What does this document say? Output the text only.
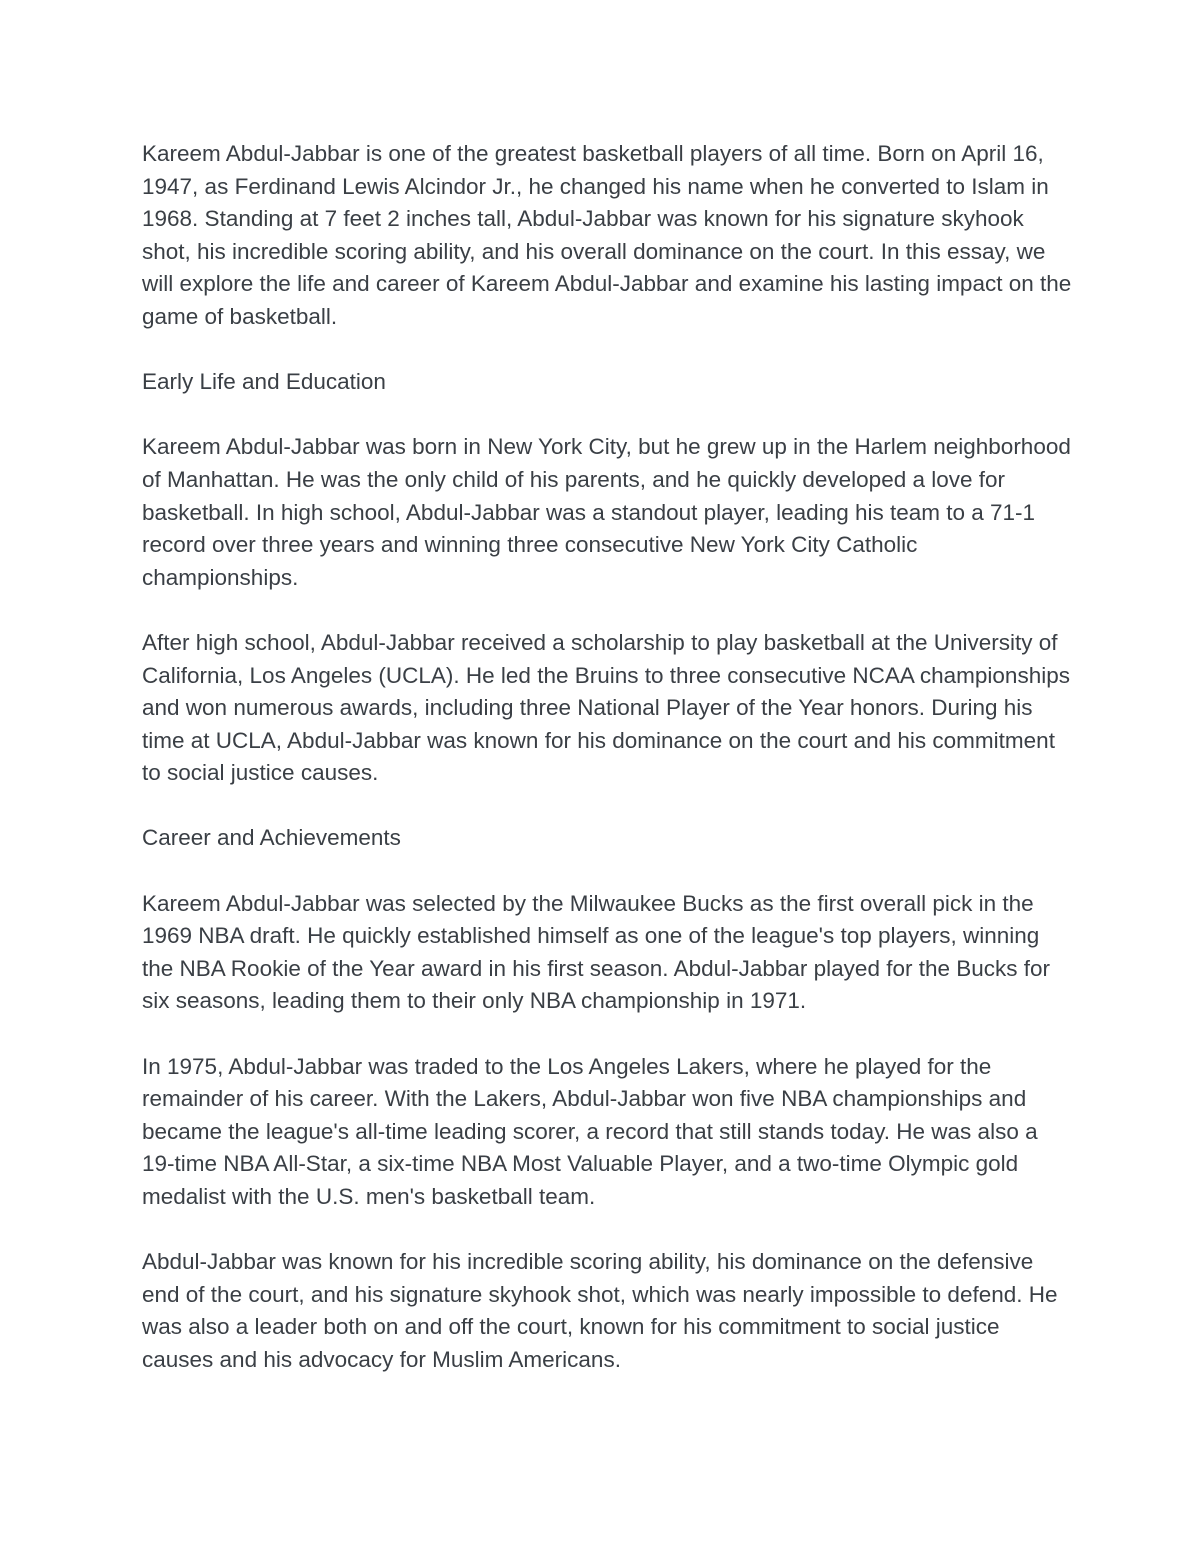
Kareem Abdul-Jabbar is one of the greatest basketball players of all time. Born on April 16, 1947, as Ferdinand Lewis Alcindor Jr., he changed his name when he converted to Islam in 1968. Standing at 7 feet 2 inches tall, Abdul-Jabbar was known for his signature skyhook shot, his incredible scoring ability, and his overall dominance on the court. In this essay, we will explore the life and career of Kareem Abdul-Jabbar and examine his lasting impact on the game of basketball.

Early Life and Education

Kareem Abdul-Jabbar was born in New York City, but he grew up in the Harlem neighborhood of Manhattan. He was the only child of his parents, and he quickly developed a love for basketball. In high school, Abdul-Jabbar was a standout player, leading his team to a 71-1 record over three years and winning three consecutive New York City Catholic championships.

After high school, Abdul-Jabbar received a scholarship to play basketball at the University of California, Los Angeles (UCLA). He led the Bruins to three consecutive NCAA championships and won numerous awards, including three National Player of the Year honors. During his time at UCLA, Abdul-Jabbar was known for his dominance on the court and his commitment to social justice causes.

Career and Achievements

Kareem Abdul-Jabbar was selected by the Milwaukee Bucks as the first overall pick in the 1969 NBA draft. He quickly established himself as one of the league's top players, winning the NBA Rookie of the Year award in his first season. Abdul-Jabbar played for the Bucks for six seasons, leading them to their only NBA championship in 1971.

In 1975, Abdul-Jabbar was traded to the Los Angeles Lakers, where he played for the remainder of his career. With the Lakers, Abdul-Jabbar won five NBA championships and became the league's all-time leading scorer, a record that still stands today. He was also a 19-time NBA All-Star, a six-time NBA Most Valuable Player, and a two-time Olympic gold medalist with the U.S. men's basketball team.

Abdul-Jabbar was known for his incredible scoring ability, his dominance on the defensive end of the court, and his signature skyhook shot, which was nearly impossible to defend. He was also a leader both on and off the court, known for his commitment to social justice causes and his advocacy for Muslim Americans.
